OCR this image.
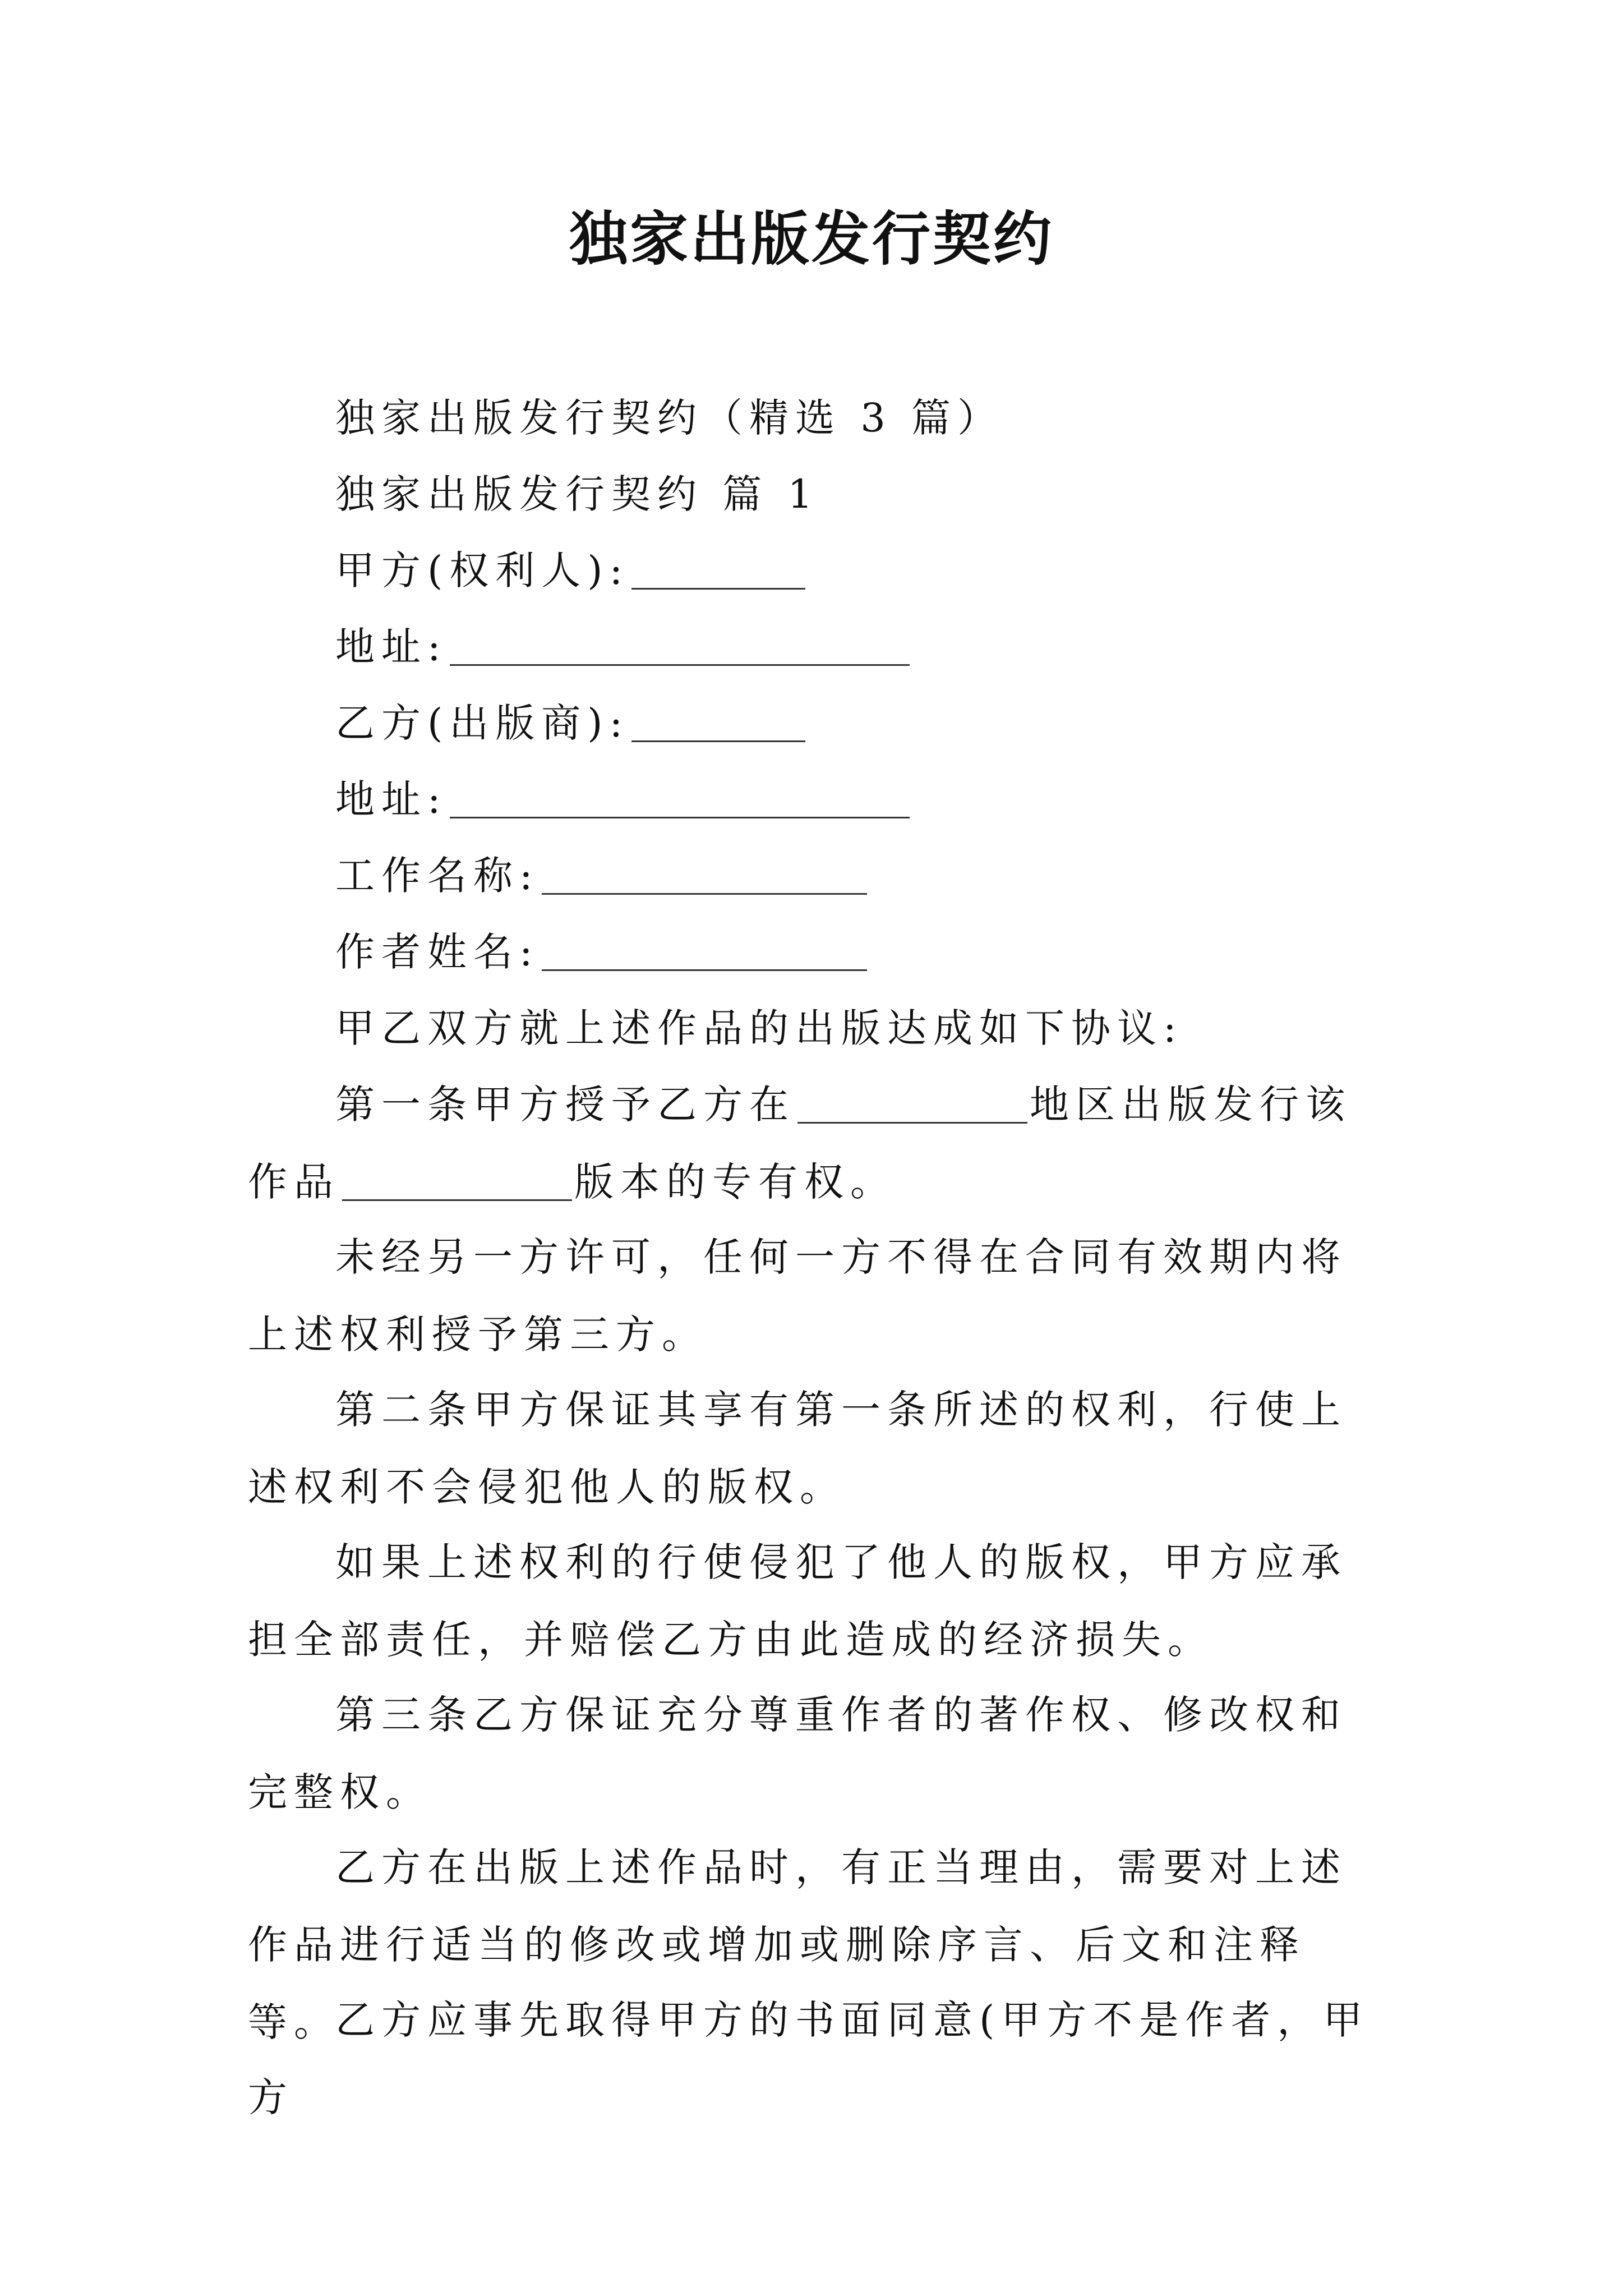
独家出版发行契约
独家出版发行契约（精选 3 篇）
独家出版发行契约 篇 1
甲方(权利人):
地址:
乙方(出版商):
地址:
工作名称:
作者姓名:
甲乙双方就上述作品的出版达成如下协议:
第一条甲方授予乙方在	地区出版发行该作品	版本的专有权。
未经另一方许可，任何一方不得在合同有效期内将上述权利授予第三方。
第二条甲方保证其享有第一条所述的权利，行使上述权利不会侵犯他人的版权。
如果上述权利的行使侵犯了他人的版权，甲方应承担全部责任，并赔偿乙方由此造成的经济损失。
第三条乙方保证充分尊重作者的著作权、修改权和完整权。
乙方在出版上述作品时，有正当理由，需要对上述作品进行适当的修改或增加或删除序言、后文和注释等。
乙方应事先取得甲方的书面同意(甲方不是作者，甲方
